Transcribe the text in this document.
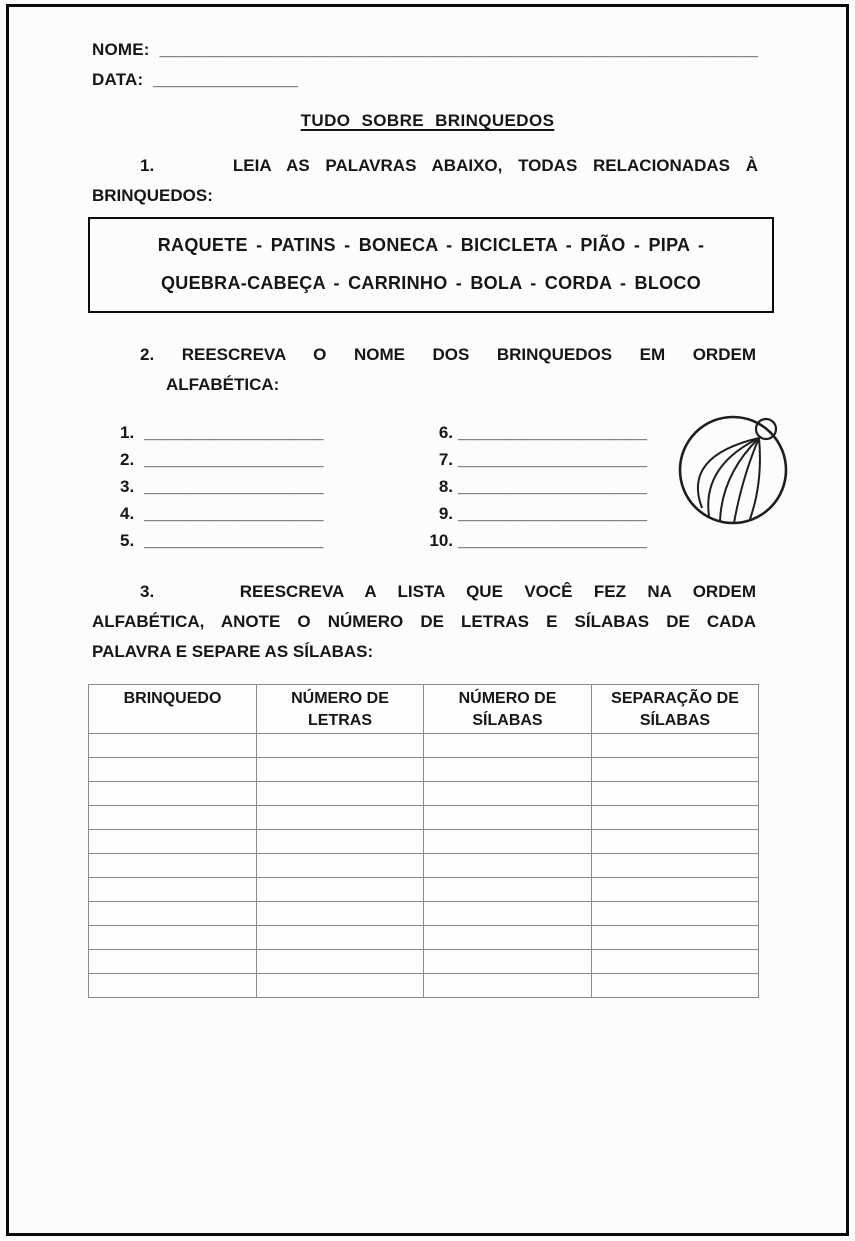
NOME: ______________________________________________________________
DATA: _______________
TUDO SOBRE BRINQUEDOS
1.     LEIA AS PALAVRAS ABAIXO, TODAS RELACIONADAS À
BRINQUEDOS:
RAQUETE - PATINS - BONECA - BICICLETA - PIÃO - PIPA -
QUEBRA-CABEÇA - CARRINHO - BOLA - CORDA - BLOCO
2. REESCREVA O NOME DOS BRINQUEDOS EM ORDEM
ALFABÉTICA:
1. ___________________
2. ___________________
3. ___________________
4. ___________________
5. ___________________
6. ____________________
7. ____________________
8. ____________________
9. ____________________
10. ____________________
3.    REESCREVA A LISTA QUE VOCÊ FEZ NA ORDEM
ALFABÉTICA, ANOTE O NÚMERO DE LETRAS E SÍLABAS DE CADA
PALAVRA E SEPARE AS SÍLABAS:
BRINQUEDO	NÚMERO DE LETRAS	NÚMERO DE SÍLABAS	SEPARAÇÃO DE SÍLABAS
